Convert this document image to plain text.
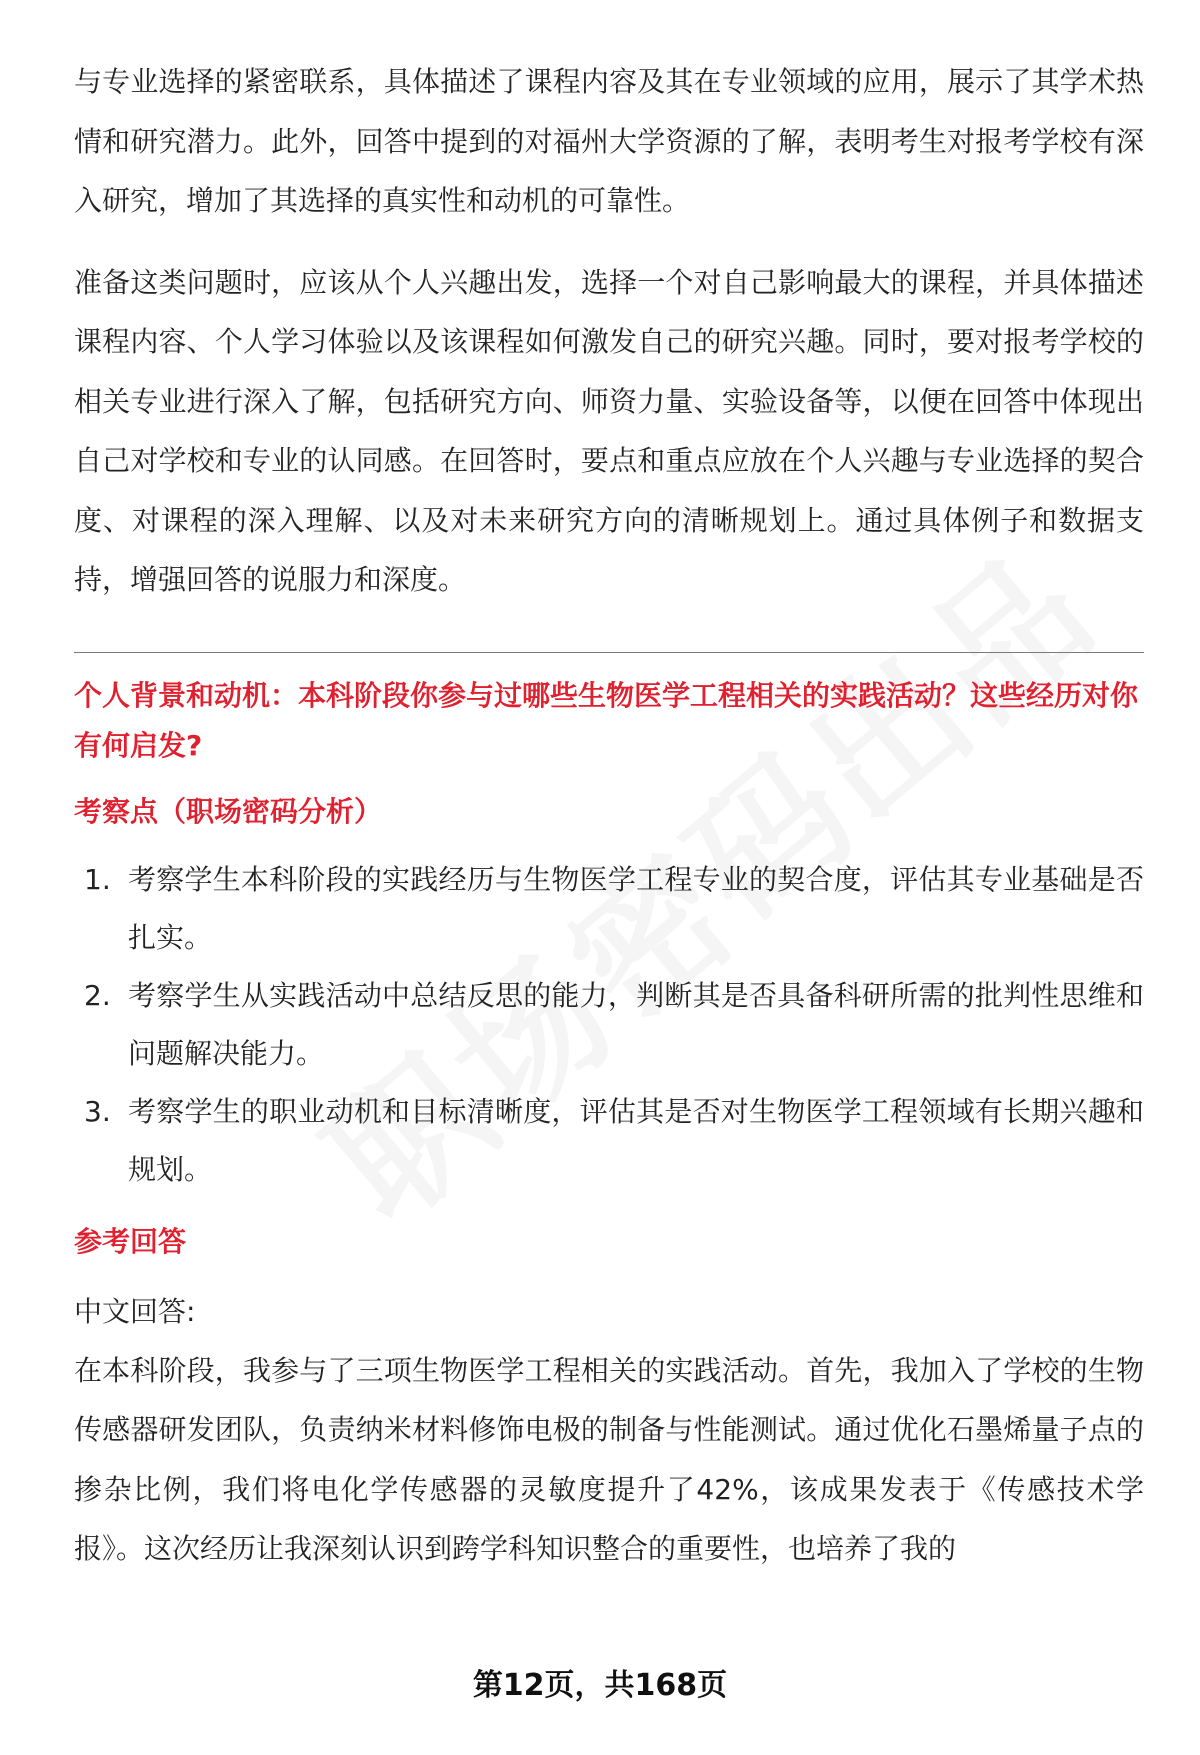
与专业选择的紧密联系，具体描述了课程内容及其在专业领域的应用，展示了其学术热情和研究潜力。此外，回答中提到的对福州大学资源的了解，表明考生对报考学校有深入研究，增加了其选择的真实性和动机的可靠性。

准备这类问题时，应该从个人兴趣出发，选择一个对自己影响最大的课程，并具体描述课程内容、个人学习体验以及该课程如何激发自己的研究兴趣。同时，要对报考学校的相关专业进行深入了解，包括研究方向、师资力量、实验设备等，以便在回答中体现出自己对学校和专业的认同感。在回答时，要点和重点应放在个人兴趣与专业选择的契合度、对课程的深入理解、以及对未来研究方向的清晰规划上。通过具体例子和数据支持，增强回答的说服力和深度。

个人背景和动机：本科阶段你参与过哪些生物医学工程相关的实践活动？这些经历对你有何启发?

考察点（职场密码分析）

1. 考察学生本科阶段的实践经历与生物医学工程专业的契合度，评估其专业基础是否扎实。
2. 考察学生从实践活动中总结反思的能力，判断其是否具备科研所需的批判性思维和问题解决能力。
3. 考察学生的职业动机和目标清晰度，评估其是否对生物医学工程领域有长期兴趣和规划。

参考回答

中文回答:

在本科阶段，我参与了三项生物医学工程相关的实践活动。首先，我加入了学校的生物传感器研发团队，负责纳米材料修饰电极的制备与性能测试。通过优化石墨烯量子点的掺杂比例，我们将电化学传感器的灵敏度提升了42%，该成果发表于《传感技术学报》。这次经历让我深刻认识到跨学科知识整合的重要性，也培养了我的

第12页，共168页
